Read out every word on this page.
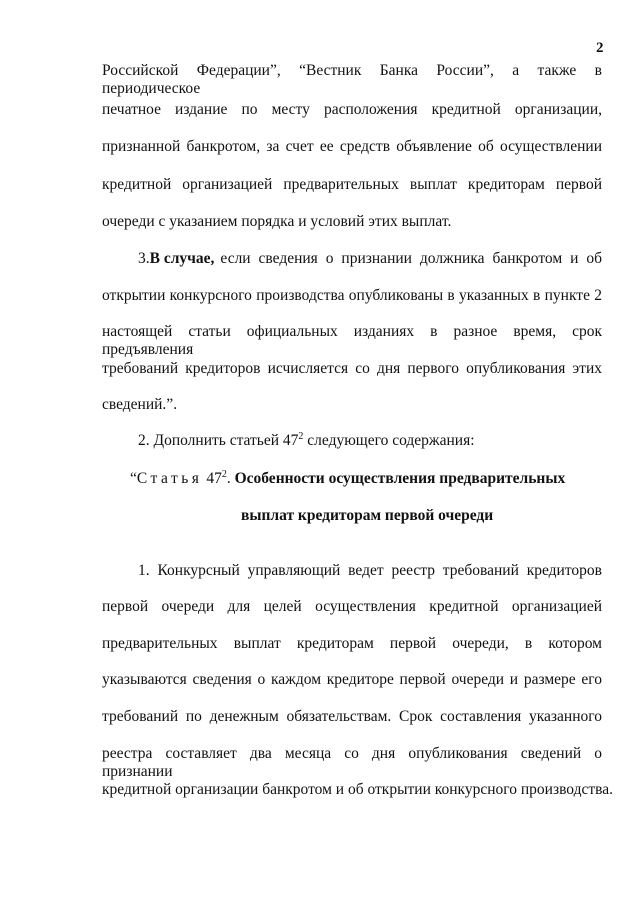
2
Российской Федерации”, “Вестник Банка России”, а также в периодическое
печатное издание по месту расположения кредитной организации,
признанной банкротом, за счет ее средств объявление об осуществлении
кредитной организацией предварительных выплат кредиторам первой
очереди с указанием порядка и условий этих выплат.
3. В случае, если сведения о признании должника банкротом и об
открытии конкурсного производства опубликованы в указанных в пункте 2
настоящей статьи официальных изданиях в разное время, срок предъявления
требований кредиторов исчисляется со дня первого опубликования этих
сведений.”.
2. Дополнить статьей $47^2$ следующего содержания:
“Статья $47^2$. Особенности осуществления предварительных
выплат кредиторам первой очереди
1. Конкурсный управляющий ведет реестр требований кредиторов
первой очереди для целей осуществления кредитной организацией
предварительных выплат кредиторам первой очереди, в котором
указываются сведения о каждом кредиторе первой очереди и размере его
требований по денежным обязательствам. Срок составления указанного
реестра составляет два месяца со дня опубликования сведений о признании
кредитной организации банкротом и об открытии конкурсного производства.
